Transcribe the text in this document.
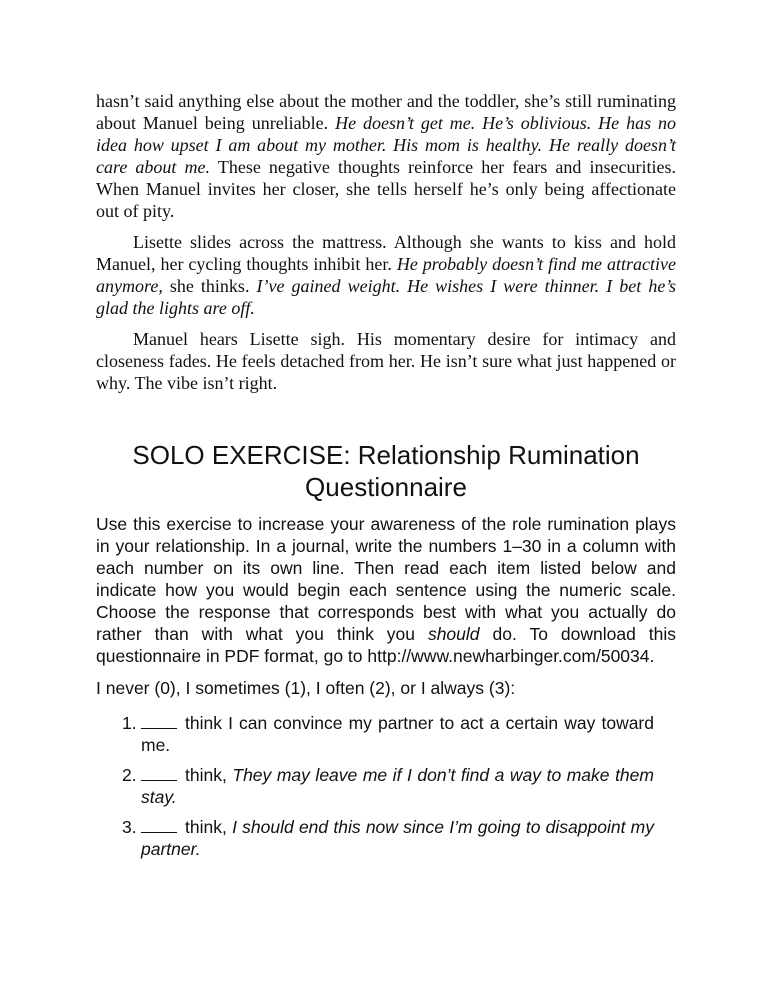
hasn’t said anything else about the mother and the toddler, she’s still ruminating about Manuel being unreliable. He doesn’t get me. He’s oblivious. He has no idea how upset I am about my mother. His mom is healthy. He really doesn’t care about me. These negative thoughts reinforce her fears and insecurities. When Manuel invites her closer, she tells herself he’s only being affectionate out of pity.

Lisette slides across the mattress. Although she wants to kiss and hold Manuel, her cycling thoughts inhibit her. He probably doesn’t find me attractive anymore, she thinks. I’ve gained weight. He wishes I were thinner. I bet he’s glad the lights are off.

Manuel hears Lisette sigh. His momentary desire for intimacy and closeness fades. He feels detached from her. He isn’t sure what just happened or why. The vibe isn’t right.

SOLO EXERCISE: Relationship Rumination Questionnaire

Use this exercise to increase your awareness of the role rumination plays in your relationship. In a journal, write the numbers 1–30 in a column with each number on its own line. Then read each item listed below and indicate how you would begin each sentence using the numeric scale. Choose the response that corresponds best with what you actually do rather than with what you think you should do. To download this questionnaire in PDF format, go to http://www.newharbinger.com/50034.

I never (0), I sometimes (1), I often (2), or I always (3):

1.	think I can convince my partner to act a certain way toward me.
2.	think, They may leave me if I don’t find a way to make them stay.
3.	think, I should end this now since I’m going to disappoint my partner.
